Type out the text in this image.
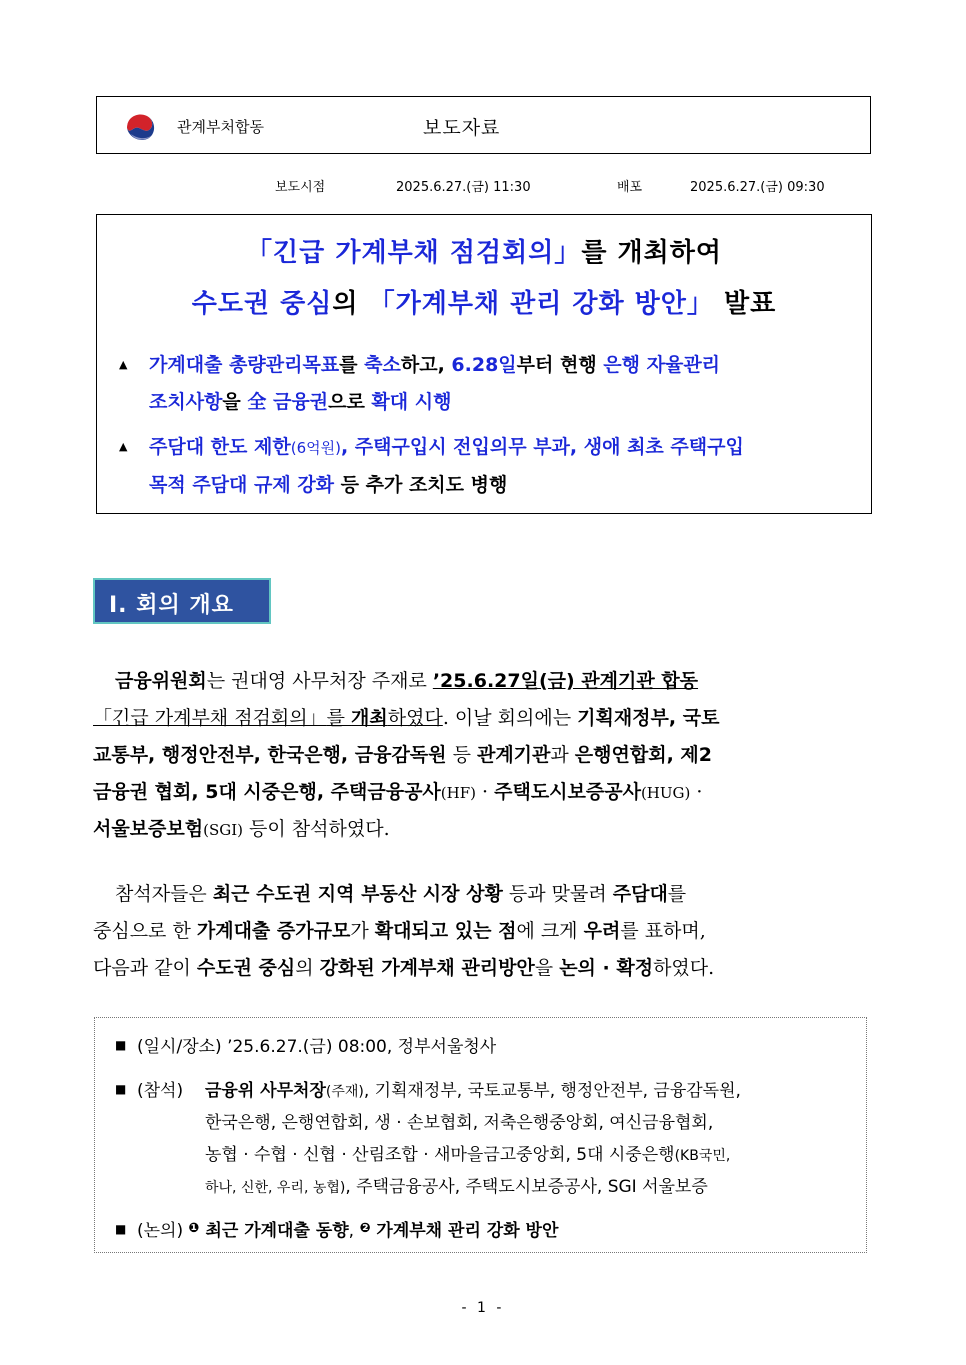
관계부처합동	보도자료
보도시점	2025.6.27.(금) 11:30	배포	2025.6.27.(금) 09:30
「긴급 가계부채 점검회의」를 개최하여
수도권 중심의 「가계부채 관리 강화 방안」 발표
▲ 가계대출 총량관리목표를 축소하고, 6.28일부터 현행 은행 자율관리
조치사항을 全 금융권으로 확대 시행
▲ 주담대 한도 제한(6억원), 주택구입시 전입의무 부과, 생애 최초 주택구입
목적 주담대 규제 강화 등 추가 조치도 병행
Ⅰ. 회의 개요
금융위원회는 권대영 사무처장 주재로 ’25.6.27일(금) 관계기관 합동
「긴급 가계부채 점검회의」를 개최하였다. 이날 회의에는 기획재정부, 국토
교통부, 행정안전부, 한국은행, 금융감독원 등 관계기관과 은행연합회, 제2
금융권 협회, 5대 시중은행, 주택금융공사(HF) · 주택도시보증공사(HUG) ·
서울보증보험(SGI) 등이 참석하였다.
참석자들은 최근 수도권 지역 부동산 시장 상황 등과 맞물려 주담대를
중심으로 한 가계대출 증가규모가 확대되고 있는 점에 크게 우려를 표하며,
다음과 같이 수도권 중심의 강화된 가계부채 관리방안을 논의 · 확정하였다.
■ (일시/장소) ’25.6.27.(금) 08:00, 정부서울청사
■ (참석) 금융위 사무처장(주재), 기획재정부, 국토교통부, 행정안전부, 금융감독원,
한국은행, 은행연합회, 생 · 손보협회, 저축은행중앙회, 여신금융협회,
농협 · 수협 · 신협 · 산림조합 · 새마을금고중앙회, 5대 시중은행(KB국민,
하나, 신한, 우리, 농협), 주택금융공사, 주택도시보증공사, SGI 서울보증
■ (논의) $^❶$ 최근 가계대출 동향, $^❷$ 가계부채 관리 강화 방안
- 1 -
